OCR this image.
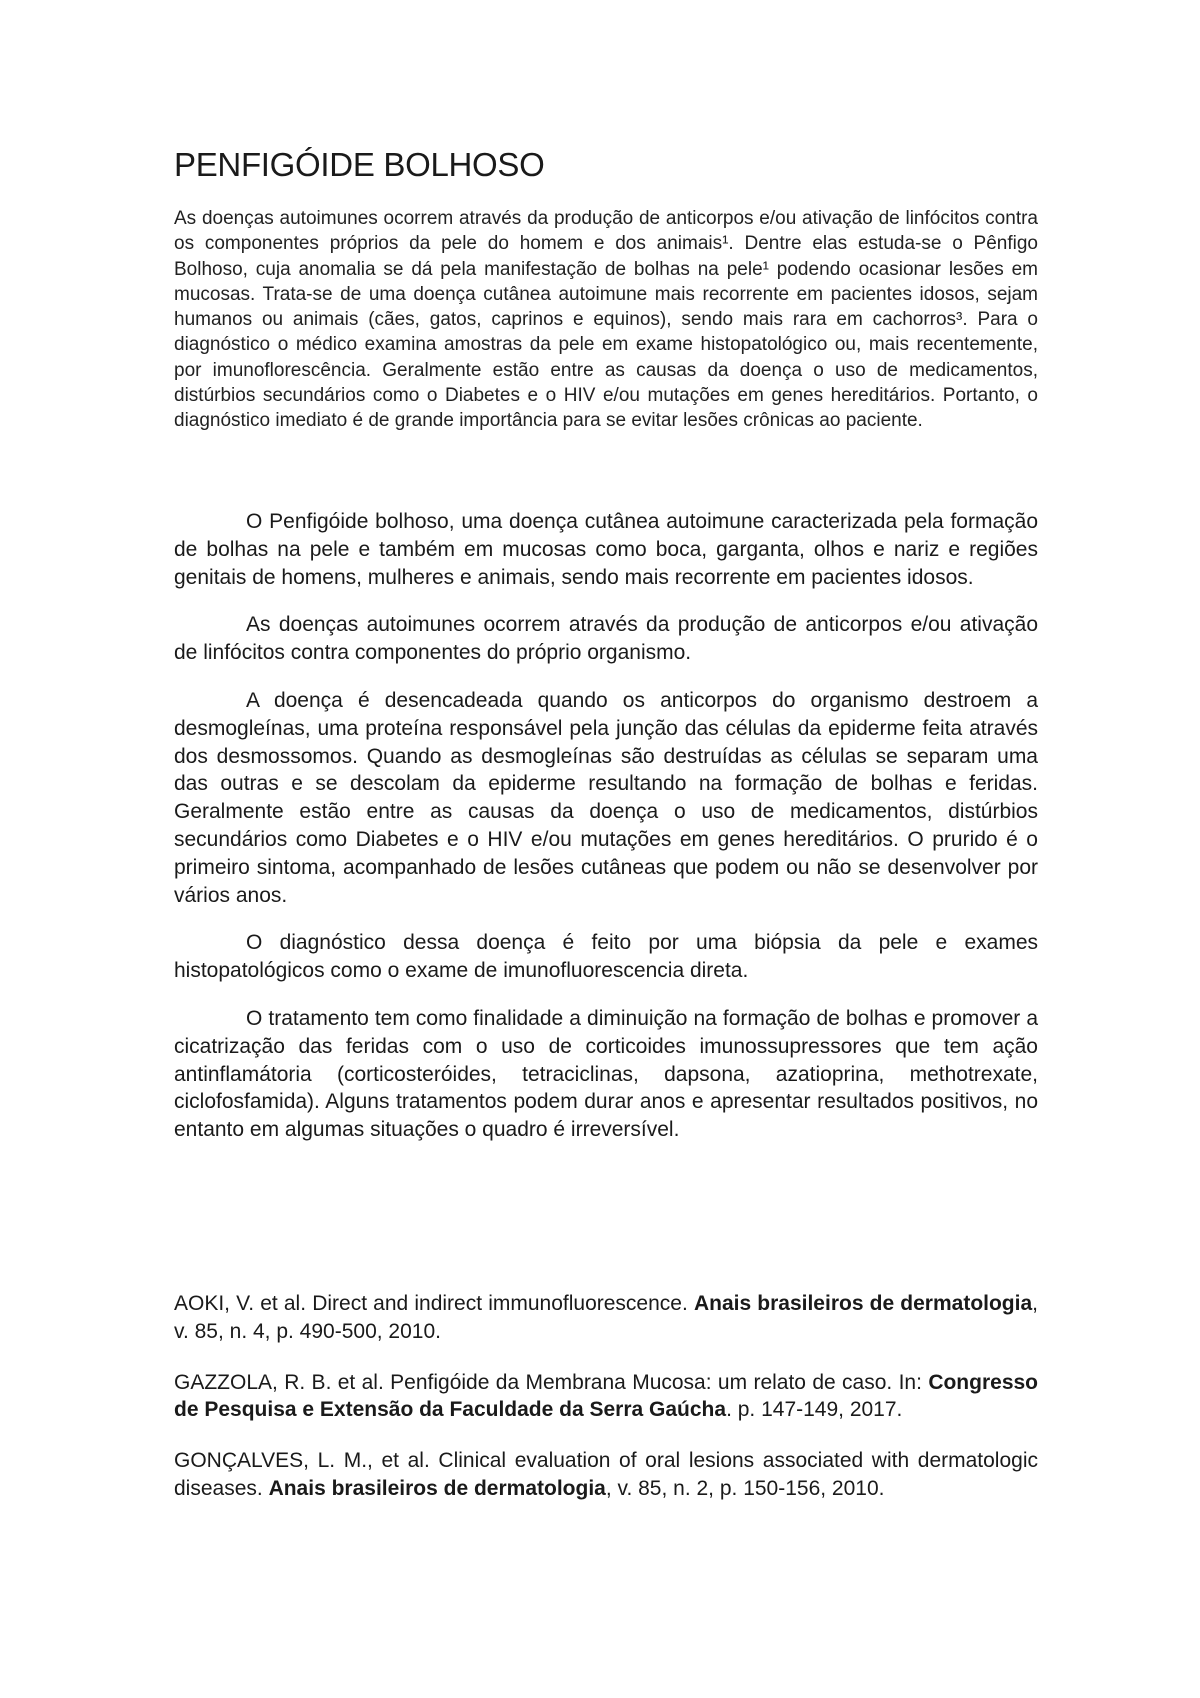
PENFIGÓIDE BOLHOSO

As doenças autoimunes ocorrem através da produção de anticorpos e/ou ativação de linfócitos contra os componentes próprios da pele do homem e dos animais¹. Dentre elas estuda-se o Pênfigo Bolhoso, cuja anomalia se dá pela manifestação de bolhas na pele¹ podendo ocasionar lesões em mucosas. Trata-se de uma doença cutânea autoimune mais recorrente em pacientes idosos, sejam humanos ou animais (cães, gatos, caprinos e equinos), sendo mais rara em cachorros³. Para o diagnóstico o médico examina amostras da pele em exame histopatológico ou, mais recentemente, por imunoflorescência. Geralmente estão entre as causas da doença o uso de medicamentos, distúrbios secundários como o Diabetes e o HIV e/ou mutações em genes hereditários. Portanto, o diagnóstico imediato é de grande importância para se evitar lesões crônicas ao paciente.

O Penfigóide bolhoso, uma doença cutânea autoimune caracterizada pela formação de bolhas na pele e também em mucosas como boca, garganta, olhos e nariz e regiões genitais de homens, mulheres e animais, sendo mais recorrente em pacientes idosos.

As doenças autoimunes ocorrem através da produção de anticorpos e/ou ativação de linfócitos contra componentes do próprio organismo.

A doença é desencadeada quando os anticorpos do organismo destroem a desmogleínas, uma proteína responsável pela junção das células da epiderme feita através dos desmossomos. Quando as desmogleínas são destruídas as células se separam uma das outras e se descolam da epiderme resultando na formação de bolhas e feridas. Geralmente estão entre as causas da doença o uso de medicamentos, distúrbios secundários como Diabetes e o HIV e/ou mutações em genes hereditários. O prurido é o primeiro sintoma, acompanhado de lesões cutâneas que podem ou não se desenvolver por vários anos.

O diagnóstico dessa doença é feito por uma biópsia da pele e exames histopatológicos como o exame de imunofluorescencia direta.

O tratamento tem como finalidade a diminuição na formação de bolhas e promover a cicatrização das feridas com o uso de corticoides imunossupressores que tem ação antinflamátoria (corticosteróides, tetraciclinas, dapsona, azatioprina, methotrexate, ciclofosfamida). Alguns tratamentos podem durar anos e apresentar resultados positivos, no entanto em algumas situações o quadro é irreversível.

AOKI, V. et al. Direct and indirect immunofluorescence. Anais brasileiros de dermatologia, v. 85, n. 4, p. 490-500, 2010.

GAZZOLA, R. B. et al. Penfigóide da Membrana Mucosa: um relato de caso. In: Congresso de Pesquisa e Extensão da Faculdade da Serra Gaúcha. p. 147-149, 2017.

GONÇALVES, L. M., et al. Clinical evaluation of oral lesions associated with dermatologic diseases. Anais brasileiros de dermatologia, v. 85, n. 2, p. 150-156, 2010.
